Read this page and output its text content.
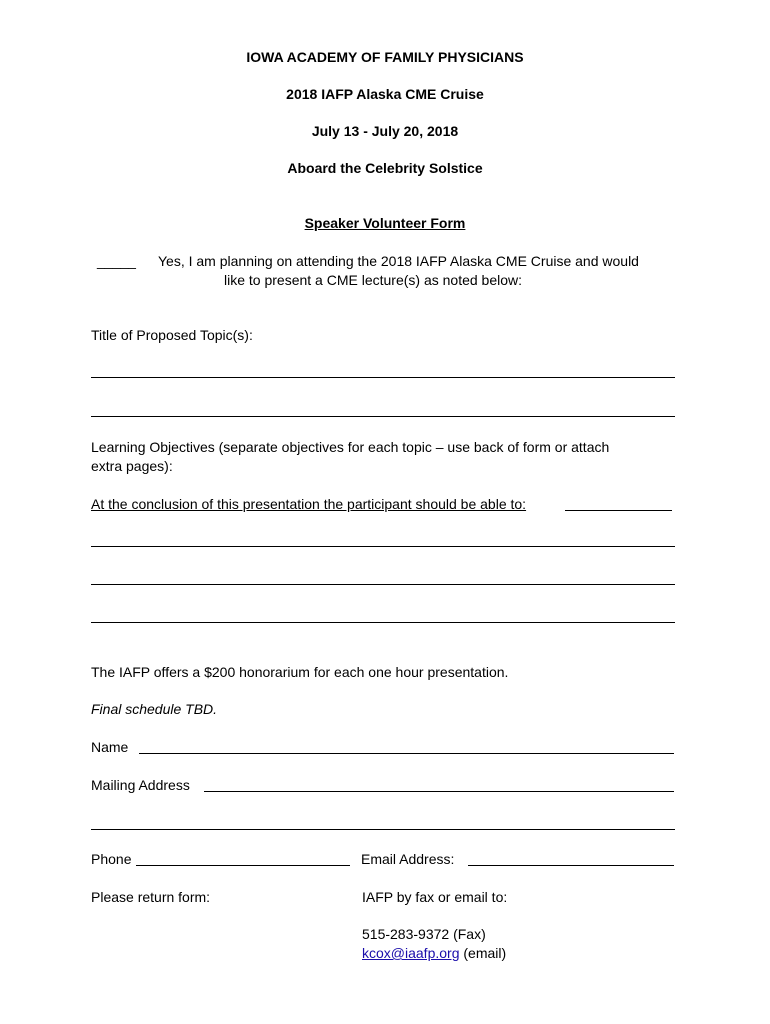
IOWA ACADEMY OF FAMILY PHYSICIANS
2018 IAFP Alaska CME Cruise
July 13 - July 20, 2018
Aboard the Celebrity Solstice
Speaker Volunteer Form
_____ Yes, I am planning on attending the 2018 IAFP Alaska CME Cruise and would
like to present a CME lecture(s) as noted below:
Title of Proposed Topic(s):
Learning Objectives (separate objectives for each topic – use back of form or attach
extra pages):
At the conclusion of this presentation the participant should be able to:
The IAFP offers a $200 honorarium for each one hour presentation.
Final schedule TBD.
Name
Mailing Address
Phone	Email Address:
Please return form:	IAFP by fax or email to:
515-283-9372 (Fax)
kcox@iaafp.org (email)
